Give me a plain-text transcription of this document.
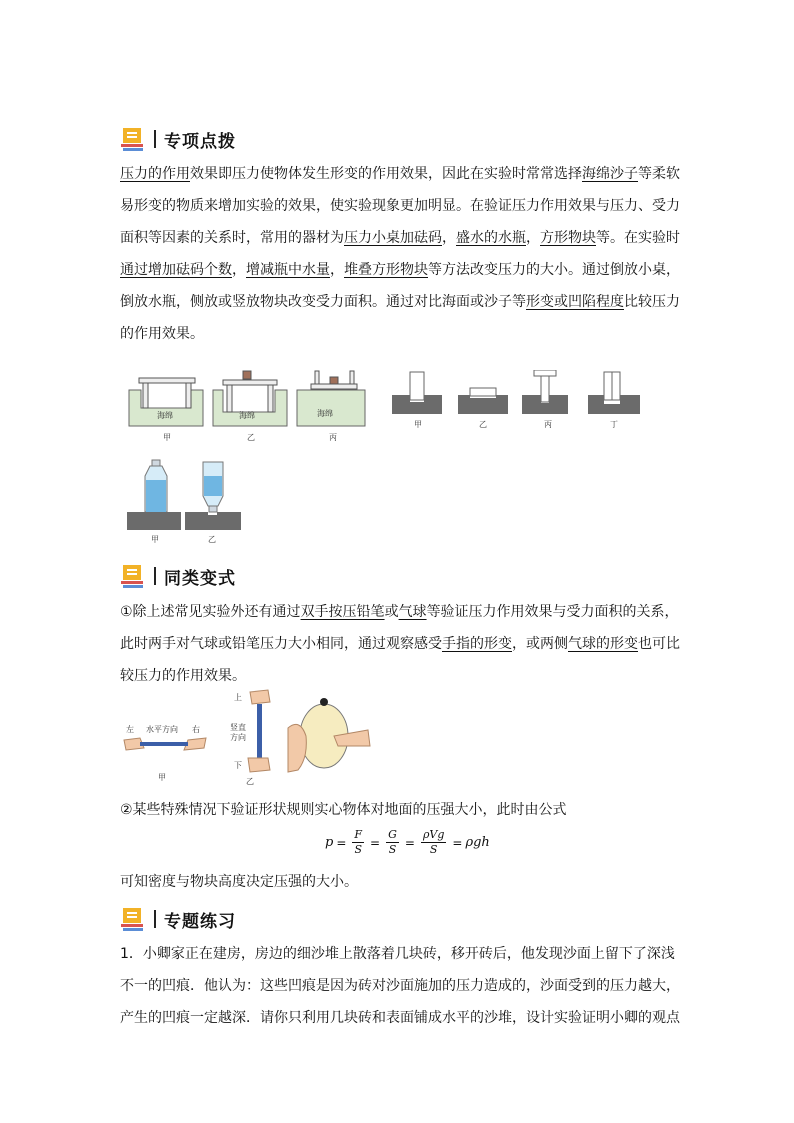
专项点拨
压力的作用效果即压力使物体发生形变的作用效果，因此在实验时常常选择海绵沙子等柔软
易形变的物质来增加实验的效果，使实验现象更加明显。在验证压力作用效果与压力、受力
面积等因素的关系时，常用的器材为压力小桌加砝码，盛水的水瓶，方形物块等。在实验时
通过增加砝码个数，增减瓶中水量，堆叠方形物块等方法改变压力的大小。通过倒放小桌，
倒放水瓶，侧放或竖放物块改变受力面积。通过对比海面或沙子等形变或凹陷程度比较压力
的作用效果。
海绵	海绵	海绵
甲	乙	丙
甲	乙	丙	丁
甲	乙
同类变式
①除上述常见实验外还有通过双手按压铅笔或气球等验证压力作用效果与受力面积的关系，
此时两手对气球或铅笔压力大小相同，通过观察感受手指的形变，或两侧气球的形变也可比
较压力的作用效果。
左 水平方向 右
甲
上
竖直
方向
下
乙
②某些特殊情况下验证形状规则实心物体对地面的压强大小，此时由公式
$p = \frac{F}{S} = \frac{G}{S} = \frac{\text{ρVg}}{S} = \rho gh$
可知密度与物块高度决定压强的大小。
专题练习
1．小卿家正在建房，房边的细沙堆上散落着几块砖，移开砖后，他发现沙面上留下了深浅
不一的凹痕．他认为：这些凹痕是因为砖对沙面施加的压力造成的，沙面受到的压力越大，
产生的凹痕一定越深．请你只利用几块砖和表面铺成水平的沙堆，设计实验证明小卿的观点
